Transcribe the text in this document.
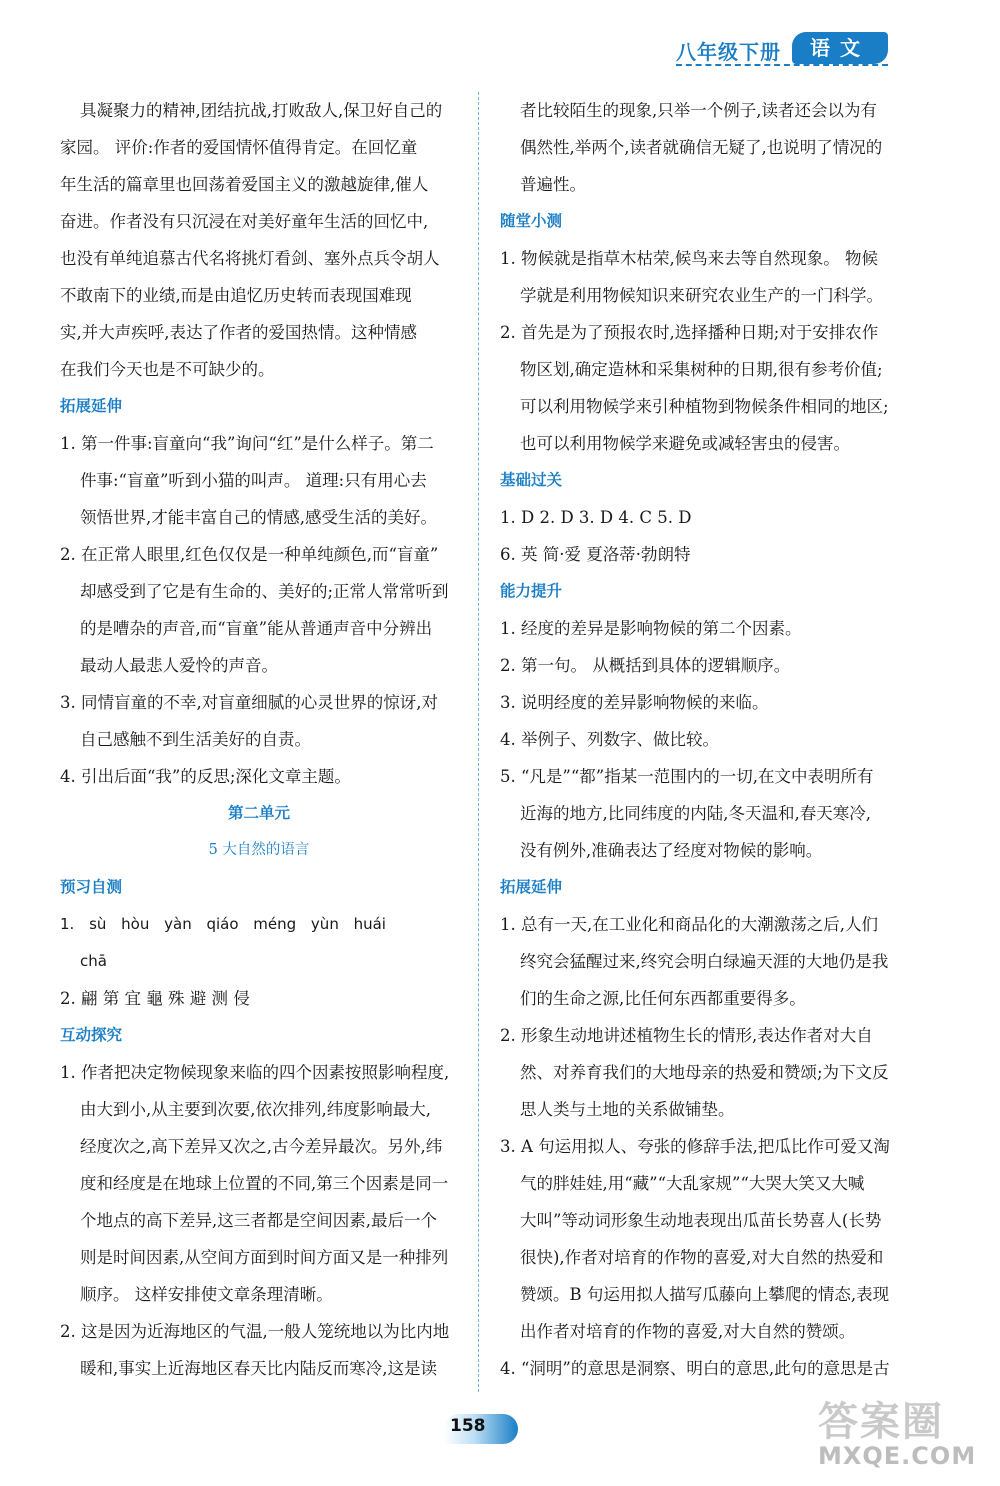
八年级下册	语文
具凝聚力的精神,团结抗战,打败敌人,保卫好自己的
家园。 评价:作者的爱国情怀值得肯定。在回忆童
年生活的篇章里也回荡着爱国主义的激越旋律,催人
奋进。作者没有只沉浸在对美好童年生活的回忆中,
也没有单纯追慕古代名将挑灯看剑、塞外点兵令胡人
不敢南下的业绩,而是由追忆历史转而表现国难现
实,并大声疾呼,表达了作者的爱国热情。这种情感
在我们今天也是不可缺少的。
拓展延伸
1. 第一件事:盲童向“我”询问“红”是什么样子。第二
件事:“盲童”听到小猫的叫声。 道理:只有用心去
领悟世界,才能丰富自己的情感,感受生活的美好。
2. 在正常人眼里,红色仅仅是一种单纯颜色,而“盲童”
却感受到了它是有生命的、美好的;正常人常常听到
的是嘈杂的声音,而“盲童”能从普通声音中分辨出
最动人最悲人爱怜的声音。
3. 同情盲童的不幸,对盲童细腻的心灵世界的惊讶,对
自己感触不到生活美好的自责。
4. 引出后面“我”的反思;深化文章主题。
第二单元
5 大自然的语言
预习自测
1. sù hòu yàn qiáo méng yùn huái
chā
2. 翩 第 宜 龜 殊 避 测 侵
互动探究
1. 作者把决定物候现象来临的四个因素按照影响程度,
由大到小,从主要到次要,依次排列,纬度影响最大,
经度次之,高下差异又次之,古今差异最次。另外,纬
度和经度是在地球上位置的不同,第三个因素是同一
个地点的高下差异,这三者都是空间因素,最后一个
则是时间因素,从空间方面到时间方面又是一种排列
顺序。 这样安排使文章条理清晰。
2. 这是因为近海地区的气温,一般人笼统地以为比内地
暖和,事实上近海地区春天比内陆反而寒冷,这是读
者比较陌生的现象,只举一个例子,读者还会以为有
偶然性,举两个,读者就确信无疑了,也说明了情况的
普遍性。
随堂小测
1. 物候就是指草木枯荣,候鸟来去等自然现象。 物候
学就是利用物候知识来研究农业生产的一门科学。
2. 首先是为了预报农时,选择播种日期;对于安排农作
物区划,确定造林和采集树种的日期,很有参考价值;
可以利用物候学来引种植物到物候条件相同的地区;
也可以利用物候学来避免或减轻害虫的侵害。
基础过关
1. D 2. D 3. D 4. C 5. D
6. 英 简·爱 夏洛蒂·勃朗特
能力提升
1. 经度的差异是影响物候的第二个因素。
2. 第一句。 从概括到具体的逻辑顺序。
3. 说明经度的差异影响物候的来临。
4. 举例子、列数字、做比较。
5. “凡是”“都”指某一范围内的一切,在文中表明所有
近海的地方,比同纬度的内陆,冬天温和,春天寒冷,
没有例外,准确表达了经度对物候的影响。
拓展延伸
1. 总有一天,在工业化和商品化的大潮激荡之后,人们
终究会猛醒过来,终究会明白绿遍天涯的大地仍是我
们的生命之源,比任何东西都重要得多。
2. 形象生动地讲述植物生长的情形,表达作者对大自
然、对养育我们的大地母亲的热爱和赞颂;为下文反
思人类与土地的关系做铺垫。
3. A 句运用拟人、夸张的修辞手法,把瓜比作可爱又淘
气的胖娃娃,用“藏”“大乱家规”“大哭大笑又大喊
大叫”等动词形象生动地表现出瓜苗长势喜人(长势
很快),作者对培育的作物的喜爱,对大自然的热爱和
赞颂。B 句运用拟人描写瓜藤向上攀爬的情态,表现
出作者对培育的作物的喜爱,对大自然的赞颂。
4. “洞明”的意思是洞察、明白的意思,此句的意思是古
158	答案圈
MXQE.COM
